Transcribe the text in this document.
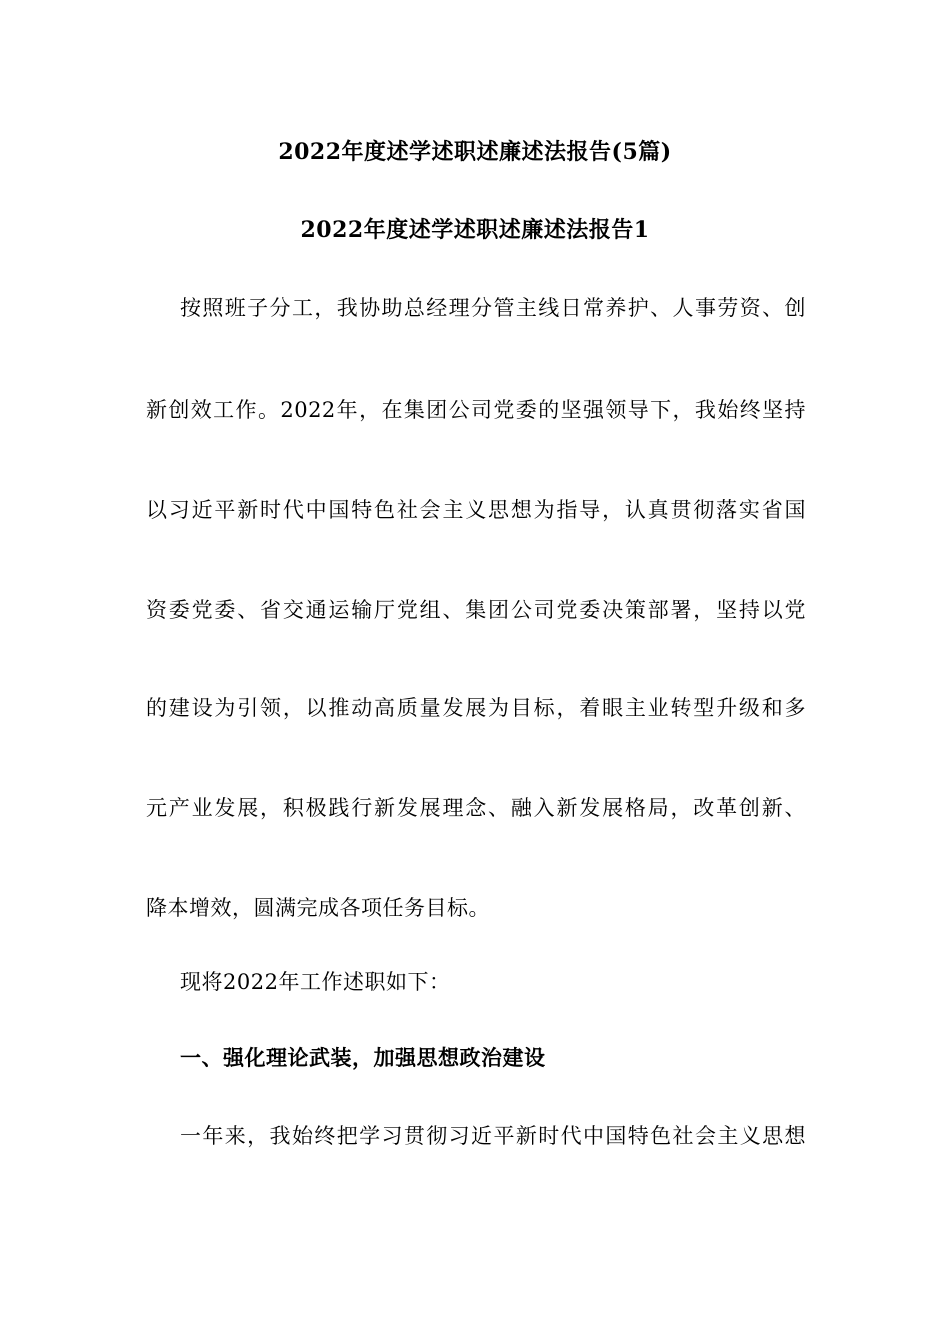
2022年度述学述职述廉述法报告(5篇)
2022年度述学述职述廉述法报告1
按照班子分工，我协助总经理分管主线日常养护、人事劳资、创
新创效工作。2022年，在集团公司党委的坚强领导下，我始终坚持
以习近平新时代中国特色社会主义思想为指导，认真贯彻落实省国
资委党委、省交通运输厅党组、集团公司党委决策部署，坚持以党
的建设为引领，以推动高质量发展为目标，着眼主业转型升级和多
元产业发展，积极践行新发展理念、融入新发展格局，改革创新、
降本增效，圆满完成各项任务目标。
现将2022年工作述职如下：
一、强化理论武装，加强思想政治建设
一年来，我始终把学习贯彻习近平新时代中国特色社会主义思想
